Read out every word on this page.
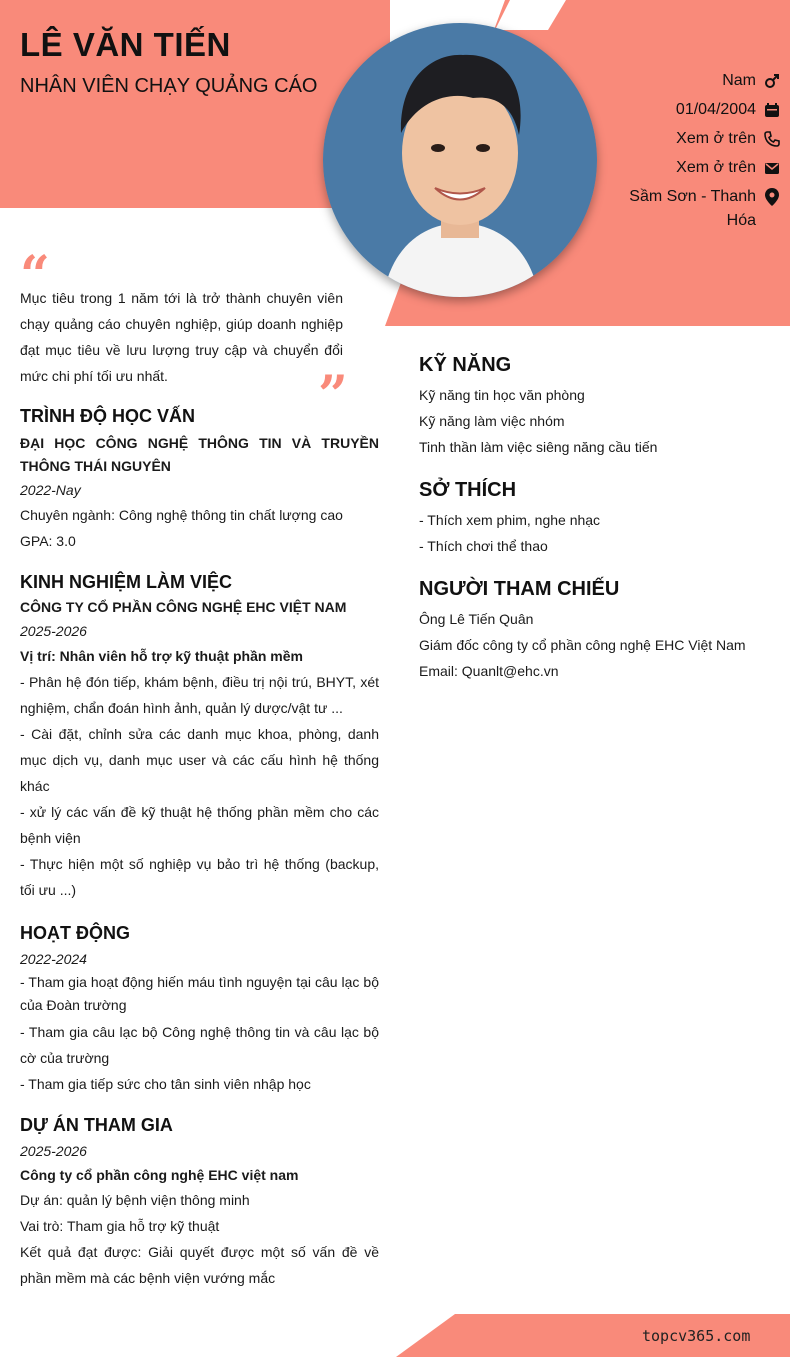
LÊ VĂN TIẾN
NHÂN VIÊN CHẠY QUẢNG CÁO	Nam
01/04/2004
Xem ở trên
Xem ở trên
Sầm Sơn - Thanh
Hóa
“
Mục tiêu trong 1 năm tới là trở thành chuyên viên chạy quảng cáo chuyên nghiệp, giúp doanh nghiệp đạt mục tiêu về lưu lượng truy cập và chuyển đổi mức chi phí tối ưu nhất.	”
TRÌNH ĐỘ HỌC VẤN
ĐẠI HỌC CÔNG NGHỆ THÔNG TIN VÀ TRUYỀN THÔNG THÁI NGUYÊN
2022-Nay
Chuyên ngành: Công nghệ thông tin chất lượng cao
GPA: 3.0
KINH NGHIỆM LÀM VIỆC
CÔNG TY CỔ PHẦN CÔNG NGHỆ EHC VIỆT NAM
2025-2026
Vị trí: Nhân viên hỗ trợ kỹ thuật phần mềm
- Phân hệ đón tiếp, khám bệnh, điều trị nội trú, BHYT, xét nghiệm, chẩn đoán hình ảnh, quản lý dược/vật tư ...
- Cài đặt, chỉnh sửa các danh mục khoa, phòng, danh mục dịch vụ, danh mục user và các cấu hình hệ thống khác
- xử lý các vấn đề kỹ thuật hệ thống phần mềm cho các bệnh viện
- Thực hiện một số nghiệp vụ bảo trì hệ thống (backup, tối ưu ...)
HOẠT ĐỘNG
2022-2024
- Tham gia hoạt động hiến máu tình nguyện tại câu lạc bộ của Đoàn trường
- Tham gia câu lạc bộ Công nghệ thông tin và câu lạc bộ cờ của trường
- Tham gia tiếp sức cho tân sinh viên nhập học
DỰ ÁN THAM GIA
2025-2026
Công ty cổ phần công nghệ EHC việt nam
Dự án: quản lý bệnh viện thông minh
Vai trò: Tham gia hỗ trợ kỹ thuật
Kết quả đạt được: Giải quyết được một số vấn đề về phần mềm mà các bệnh viện vướng mắc
KỸ NĂNG
Kỹ năng tin học văn phòng
Kỹ năng làm việc nhóm
Tinh thần làm việc siêng năng cầu tiến
SỞ THÍCH
- Thích xem phim, nghe nhạc
- Thích chơi thể thao
NGƯỜI THAM CHIẾU
Ông Lê Tiến Quân
Giám đốc công ty cổ phần công nghệ EHC Việt Nam
Email: Quanlt@ehc.vn
topcv365.com
